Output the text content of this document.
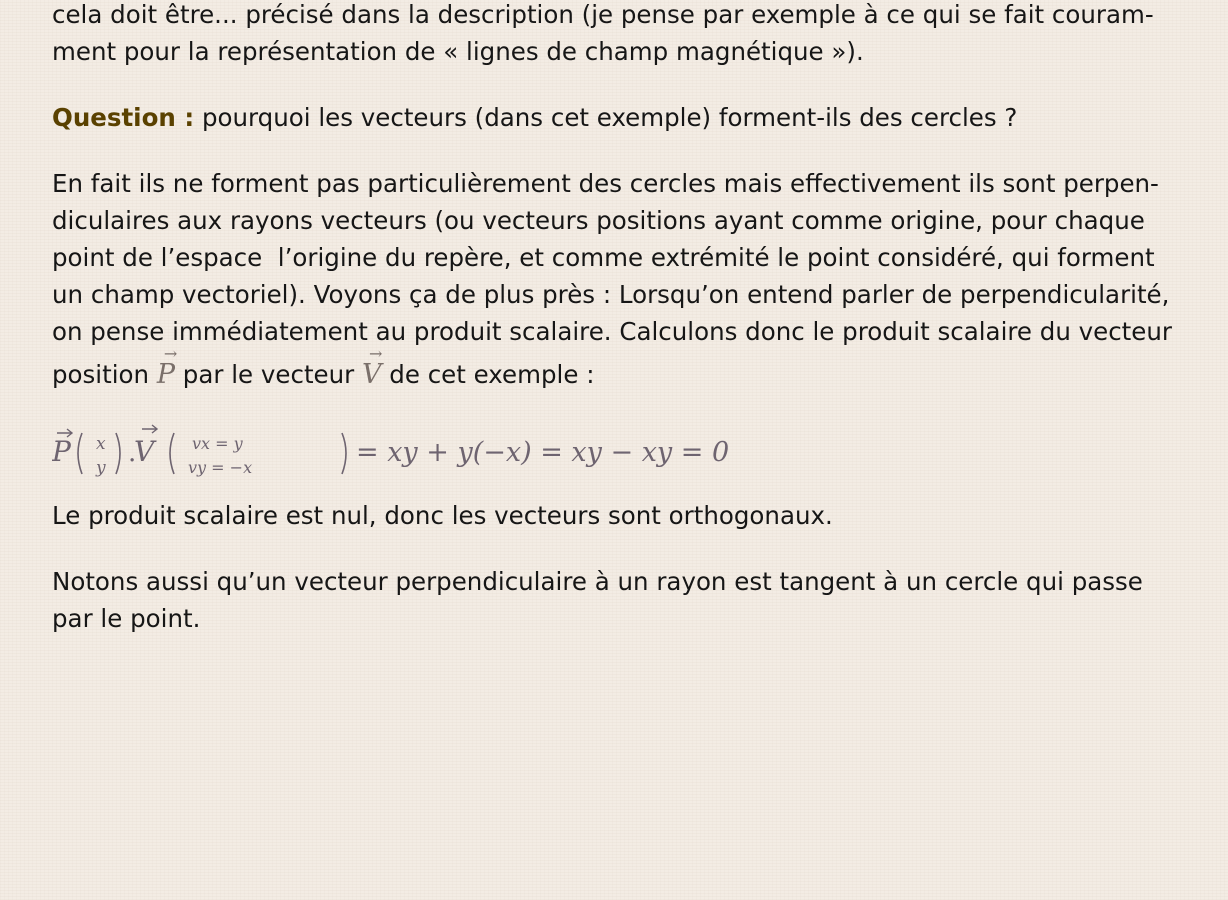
cela doit être... précisé dans la description (je pense par exemple à ce qui se fait couram-
ment pour la représentation de « lignes de champ magnétique »).

Question : pourquoi les vecteurs (dans cet exemple) forment-ils des cercles ?

En fait ils ne forment pas particulièrement des cercles mais effectivement ils sont perpen-
diculaires aux rayons vecteurs (ou vecteurs positions ayant comme origine, pour chaque
point de l’espace  l’origine du repère, et comme extrémité le point considéré, qui forment
un champ vectoriel). Voyons ça de plus près : Lorsqu’on entend parler de perpendicularité,
on pense immédiatement au produit scalaire. Calculons donc le produit scalaire du vecteur
position → P par le vecteur → V de cet exemple :

P x
y .
V vx = y
vy = −x	= xy + y(−x) = xy − xy = 0

Le produit scalaire est nul, donc les vecteurs sont orthogonaux.

Notons aussi qu’un vecteur perpendiculaire à un rayon est tangent à un cercle qui passe
par le point.
